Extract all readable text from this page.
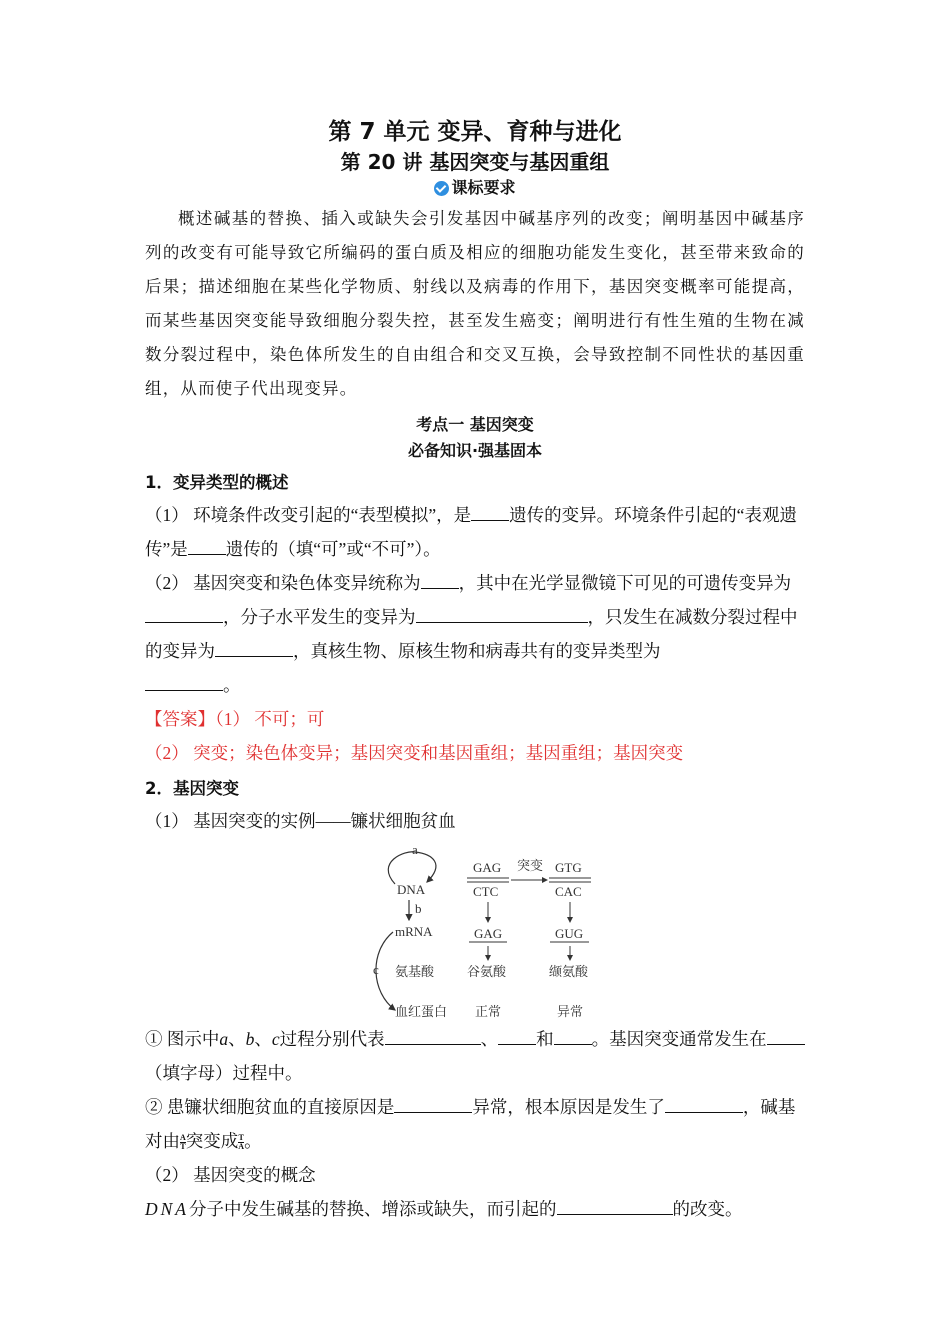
第 7 单元 变异、育种与进化
第 20 讲 基因突变与基因重组
课标要求
概述碱基的替换、插入或缺失会引发基因中碱基序列的改变；阐明基因中碱基序列的改变有可能导致它所编码的蛋白质及相应的细胞功能发生变化，甚至带来致命的后果；描述细胞在某些化学物质、射线以及病毒的作用下，基因突变概率可能提高，而某些基因突变能导致细胞分裂失控，甚至发生癌变；阐明进行有性生殖的生物在减数分裂过程中，染色体所发生的自由组合和交叉互换，会导致控制不同性状的基因重组，从而使子代出现变异。
考点一 基因突变
必备知识·强基固本
1．变异类型的概述
（1） 环境条件改变引起的“表型模拟”，是 遗传的变异。环境条件引起的“表观遗传”是 遗传的（填“可”或“不可”）。
（2） 基因突变和染色体变异统称为 ，其中在光学显微镜下可见的可遗传变异为，分子水平发生的变异为	，只发生在减数分裂过程中的变异为	，真核生物、原核生物和病毒共有的变异类型为
。
【答案】（1） 不可；可
（2） 突变；染色体变异；基因突变和基因重组；基因重组；基因突变
2．基因突变
（1） 基因突变的实例——镰状细胞贫血
a
DNA
b
mRNA
c 氨基酸
血红蛋白
GAG
CTC
突变 GTG
CAC
GAG	GUG
谷氨酸	缬氨酸
正常	异常
① 图示中a、b、c过程分别代表	、 和 。基因突变通常发生在（填字母）过程中。
② 患镰状细胞贫血的直接原因是	异常，根本原因是发生了	，碱基对由 $\frac{A}{T}$ 突变成 $\frac{T}{A}$ 。
（2） 基因突变的概念
DNA分子中发生碱基的替换、增添或缺失，而引起的	的改变。
